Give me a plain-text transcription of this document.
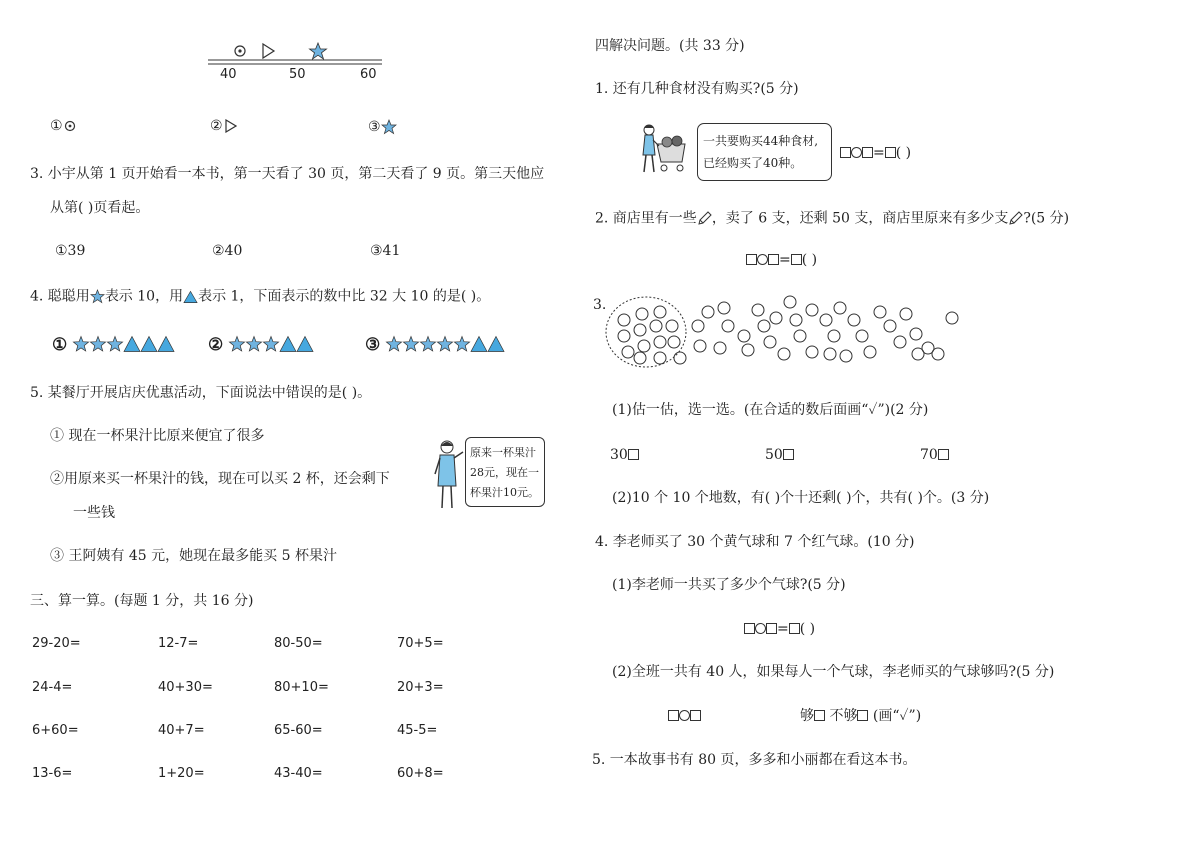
40	50	60
①	②	③
3. 小宇从第 1 页开始看一本书，第一天看了 30 页，第二天看了 9 页。第三天他应
从第( )页看起。
①39	②40	③41
4. 聪聪用 表示 10，用 表示 1，下面表示的数中比 32 大 10 的是( )。
①	②	③
5. 某餐厅开展店庆优惠活动，下面说法中错误的是( )。
① 现在一杯果汁比原来便宜了很多
②用原来买一杯果汁的钱，现在可以买 2 杯，还会剩下
一些钱
③ 王阿姨有 45 元，她现在最多能买 5 杯果汁
原来一杯果汁
28元，现在一
杯果汁10元。
三、算一算。(每题 1 分，共 16 分)
29-20=	12-7=	80-50=	70+5=
24-4=	40+30=	80+10=	20+3=
6+60=	40+7=	65-60=	45-5=
13-6=	1+20=	43-40=	60+8=
四解决问题。(共 33 分)
1. 还有几种食材没有购买?(5 分)
一共要购买44种食材,
已经购买了40种。
= ( )
2. 商店里有一些 ，卖了 6 支，还剩 50 支，商店里原来有多少支 ?(5 分)
= ( )
3.
(1)估一估，选一选。(在合适的数后面画“✓”)(2 分)
30	50	70
(2)10 个 10 个地数，有( )个十还剩( )个，共有( )个。(3 分)
4. 李老师买了 30 个黄气球和 7 个红气球。(10 分)
(1)李老师一共买了多少个气球?(5 分)
= ( )
(2)全班一共有 40 人，如果每人一个气球，李老师买的气球够吗?(5 分)
够 不够 (画“✓”)
5. 一本故事书有 80 页，多多和小丽都在看这本书。
